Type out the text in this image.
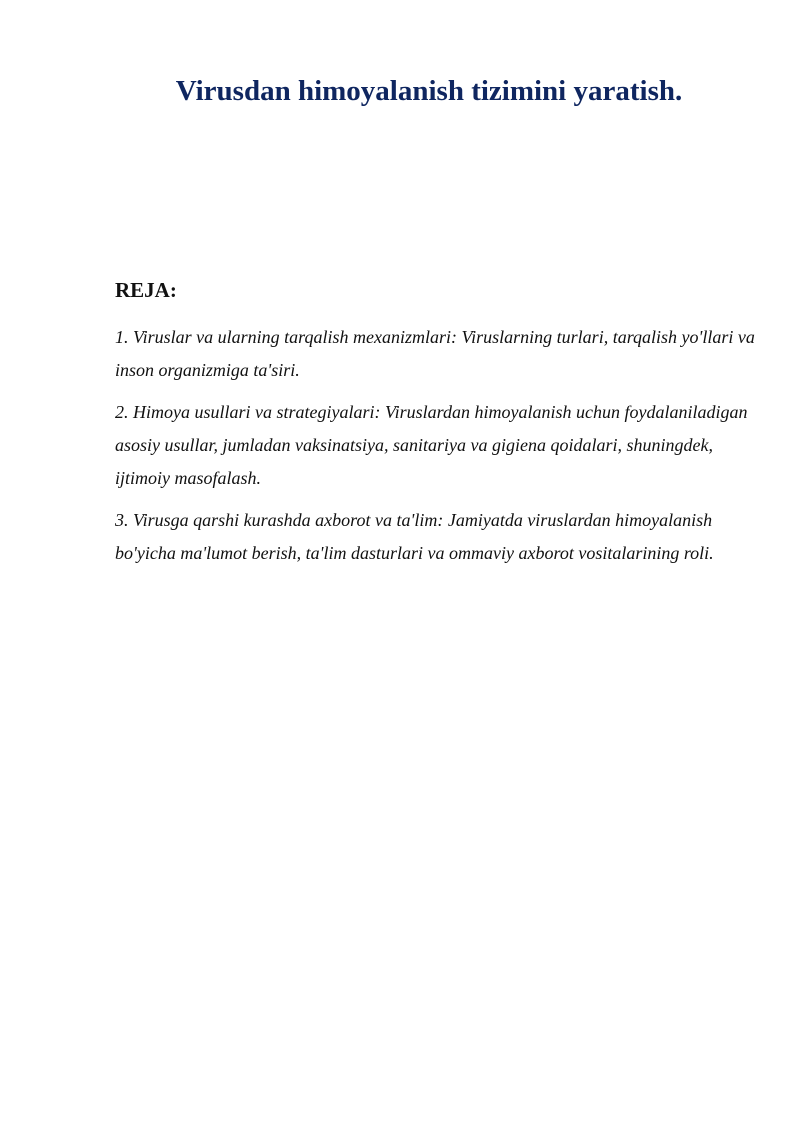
Virusdan himoyalanish tizimini yaratish.
REJA:
1. Viruslar va ularning tarqalish mexanizmlari: Viruslarning turlari, tarqalish yo'llari va inson organizmiga ta'siri.
2. Himoya usullari va strategiyalari: Viruslardan himoyalanish uchun foydalaniladigan asosiy usullar, jumladan vaksinatsiya, sanitariya va gigiena qoidalari, shuningdek, ijtimoiy masofalash.
3. Virusga qarshi kurashda axborot va ta'lim: Jamiyatda viruslardan himoyalanish bo'yicha ma'lumot berish, ta'lim dasturlari va ommaviy axborot vositalarining roli.
